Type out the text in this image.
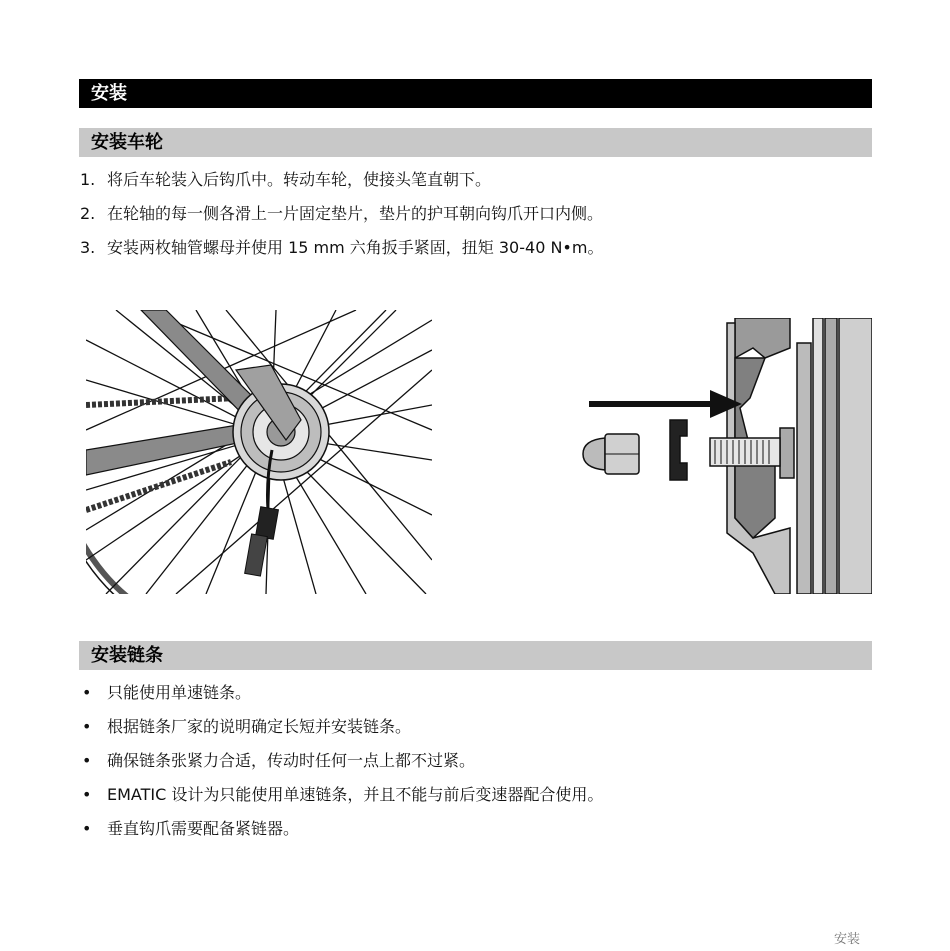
安装
安装车轮
1. 将后车轮装入后钩爪中。转动车轮，使接头笔直朝下。
2. 在轮轴的每一侧各滑上一片固定垫片，垫片的护耳朝向钩爪开口内侧。
3. 安装两枚轴管螺母并使用 15 mm 六角扳手紧固，扭矩 30-40 N•m。
安装链条
• 只能使用单速链条。
• 根据链条厂家的说明确定长短并安装链条。
• 确保链条张紧力合适，传动时任何一点上都不过紧。
• EMATIC 设计为只能使用单速链条，并且不能与前后变速器配合使用。
• 垂直钩爪需要配备紧链器。
安装
